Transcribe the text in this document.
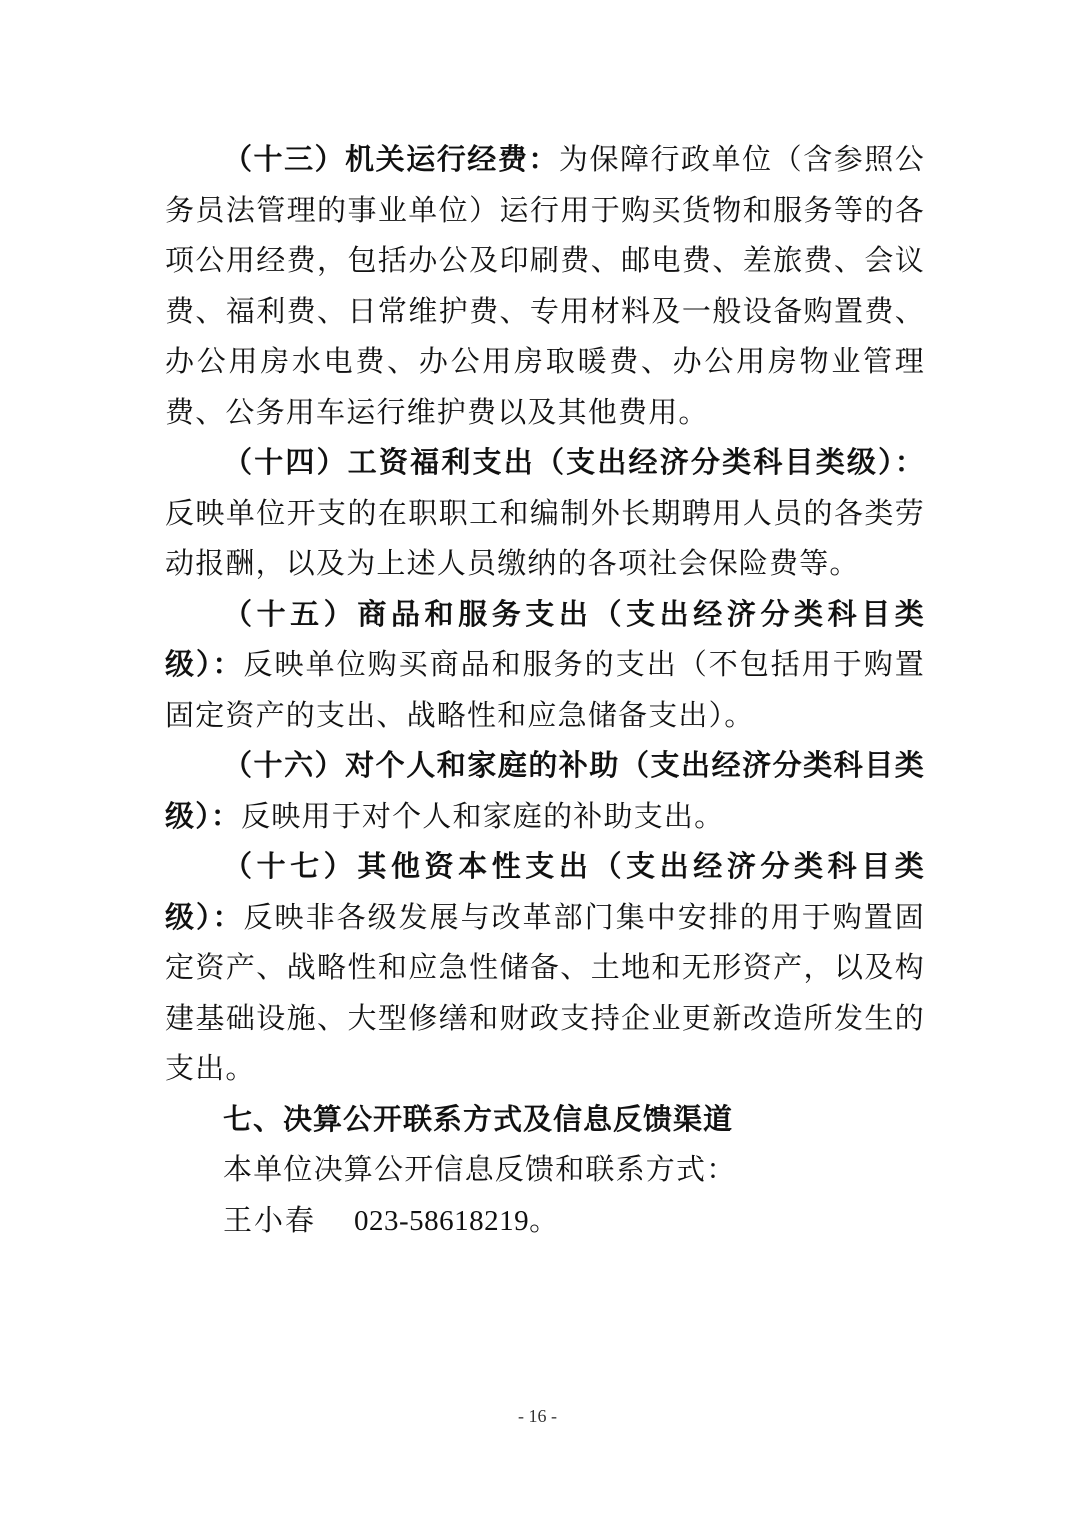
（十三）机关运行经费：为保障行政单位（含参照公务员法管理的事业单位）运行用于购买货物和服务等的各项公用经费，包括办公及印刷费、邮电费、差旅费、会议费、福利费、日常维护费、专用材料及一般设备购置费、办公用房水电费、办公用房取暖费、办公用房物业管理费、公务用车运行维护费以及其他费用。

（十四）工资福利支出（支出经济分类科目类级）：反映单位开支的在职职工和编制外长期聘用人员的各类劳动报酬，以及为上述人员缴纳的各项社会保险费等。

（十五）商品和服务支出（支出经济分类科目类级）：反映单位购买商品和服务的支出（不包括用于购置固定资产的支出、战略性和应急储备支出）。

（十六）对个人和家庭的补助（支出经济分类科目类级）：反映用于对个人和家庭的补助支出。

（十七）其他资本性支出（支出经济分类科目类级）：反映非各级发展与改革部门集中安排的用于购置固定资产、战略性和应急性储备、土地和无形资产，以及构建基础设施、大型修缮和财政支持企业更新改造所发生的支出。

七、决算公开联系方式及信息反馈渠道

本单位决算公开信息反馈和联系方式：

王小春 023-58618219。

- 16 -
